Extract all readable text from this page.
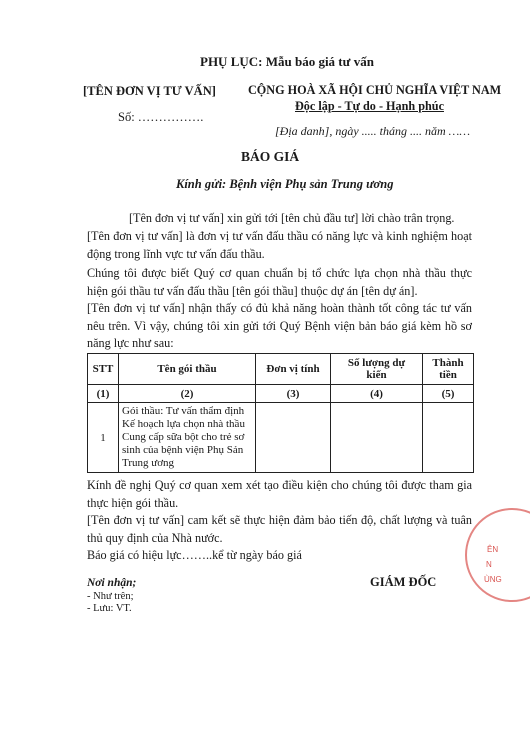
PHỤ LỤC: Mẫu báo giá tư vấn
[TÊN ĐƠN VỊ TƯ VẤN]
Số: …………….
CỘNG HOÀ XÃ HỘI CHỦ NGHĨA VIỆT NAM
Độc lập - Tự do - Hạnh phúc
[Địa danh], ngày ..... tháng .... năm ……
BÁO GIÁ
Kính gửi: Bệnh viện Phụ sản Trung ương
[Tên đơn vị tư vấn] xin gửi tới [tên chủ đầu tư] lời chào trân trọng.
[Tên đơn vị tư vấn] là đơn vị tư vấn đấu thầu có năng lực và kinh nghiệm hoạt động trong lĩnh vực tư vấn đấu thầu.
Chúng tôi được biết Quý cơ quan chuẩn bị tổ chức lựa chọn nhà thầu thực hiện gói thầu tư vấn đấu thầu [tên gói thầu] thuộc dự án [tên dự án].
[Tên đơn vị tư vấn] nhận thấy có đủ khả năng hoàn thành tốt công tác tư vấn nêu trên. Vì vậy, chúng tôi xin gửi tới Quý Bệnh viện bản báo giá kèm hồ sơ năng lực như sau:
STT	Tên gói thầu	Đơn vị tính	Số lượng dự kiến	Thành tiền
(1)	(2)	(3)	(4)	(5)
1	Gói thầu: Tư vấn thẩm định Kế hoạch lựa chọn nhà thầu Cung cấp sữa bột cho trẻ sơ sinh của bệnh viện Phụ Sản Trung ương			
Kính đề nghị Quý cơ quan xem xét tạo điều kiện cho chúng tôi được tham gia thực hiện gói thầu.
[Tên đơn vị tư vấn] cam kết sẽ thực hiện đảm bảo tiến độ, chất lượng và tuân thủ quy định của Nhà nước.
Báo giá có hiệu lực……..kể từ ngày báo giá
Nơi nhận;
- Như trên;
- Lưu: VT.
GIÁM ĐỐC
ÊN
N
ÙNG
